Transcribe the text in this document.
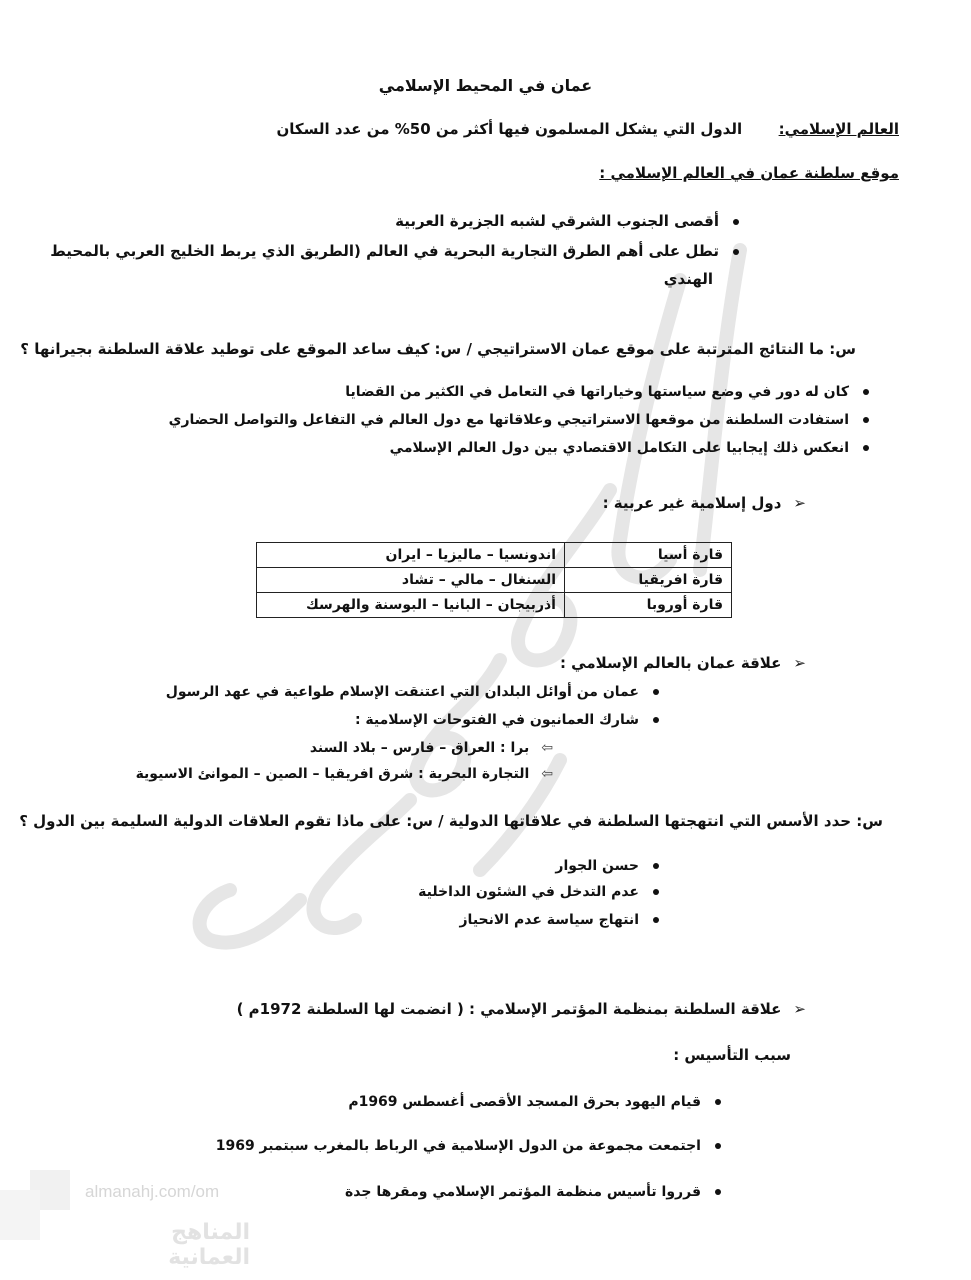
عمان في المحيط الإسلامي
العالم الإسلامي:  الدول التي يشكل المسلمون فيها أكثر من 50% من عدد السكان
موقع سلطنة عمان في العالم الإسلامي :
أقصى الجنوب الشرقي لشبه الجزيرة العربية
تطل على أهم الطرق التجارية البحرية في العالم (الطريق الذي يربط الخليج العربي بالمحيط
الهندي
س: ما النتائج المترتبة على موقع عمان الاستراتيجي / س: كيف ساعد الموقع على توطيد علاقة السلطنة بجيرانها ؟
كان له دور في وضع سياستها وخياراتها في التعامل في الكثير من القضايا
استفادت السلطنة من موقعها الاستراتيجي وعلاقاتها مع دول العالم في التفاعل والتواصل الحضاري
انعكس ذلك إيجابيا على التكامل الاقتصادي بين دول العالم الإسلامي
➢دول إسلامية غير عربية :
قارة أسيا	اندونسيا – ماليزيا – ايران
قارة افريقيا	السنغال – مالي – تشاد
قارة أوروبا	أذربيجان – البانيا – البوسنة والهرسك
➢علاقة عمان بالعالم الإسلامي :
عمان من أوائل البلدان التي اعتنقت الإسلام طواعية في عهد الرسول
شارك العمانيون في الفتوحات الإسلامية :
⇦برا : العراق – فارس – بلاد السند
⇦التجارة البحرية : شرق افريقيا – الصين – الموانئ الاسيوية
س: حدد الأسس التي انتهجتها السلطنة في علاقاتها الدولية / س: على ماذا تقوم العلاقات الدولية السليمة بين الدول ؟
حسن الجوار
عدم التدخل في الشئون الداخلية
انتهاج سياسة عدم الانحياز
➢علاقة السلطنة بمنظمة المؤتمر الإسلامي : ( انضمت لها السلطنة 1972م )
سبب التأسيس :
قيام اليهود بحرق المسجد الأقصى أغسطس 1969م
اجتمعت مجموعة من الدول الإسلامية في الرباط بالمغرب سبتمبر 1969
قرروا تأسيس منظمة المؤتمر الإسلامي ومقرها جدة
almanahj.com/om
المناهج العمانية
